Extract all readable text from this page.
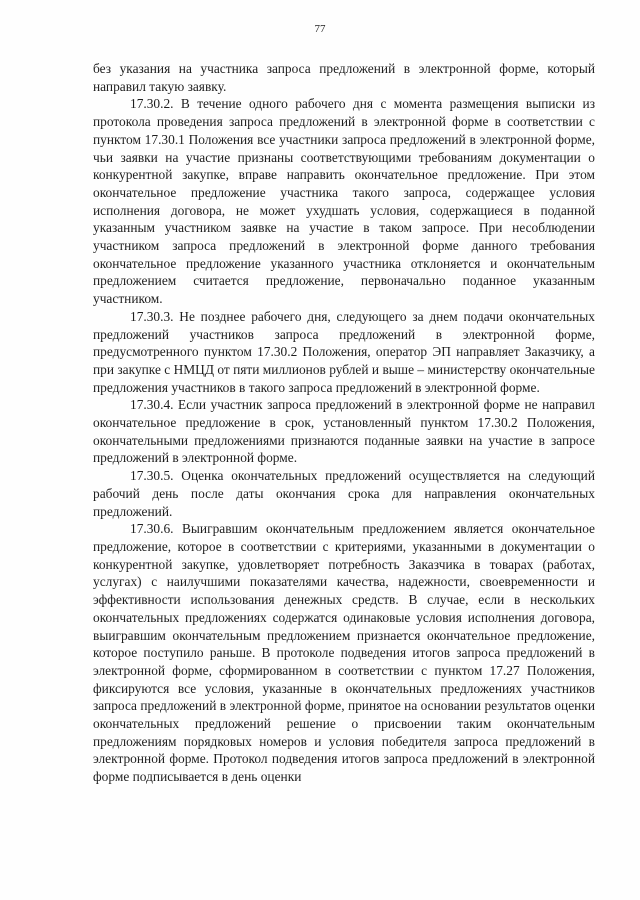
77

без указания на участника запроса предложений в электронной форме, который направил такую заявку.

17.30.2. В течение одного рабочего дня с момента размещения выписки из протокола проведения запроса предложений в электронной форме в соответствии с пунктом 17.30.1 Положения все участники запроса предложений в электронной форме, чьи заявки на участие признаны соответствующими требованиям документации о конкурентной закупке, вправе направить окончательное предложение. При этом окончательное предложение участника такого запроса, содержащее условия исполнения договора, не может ухудшать условия, содержащиеся в поданной указанным участником заявке на участие в таком запросе. При несоблюдении участником запроса предложений в электронной форме данного требования окончательное предложение указанного участника отклоняется и окончательным предложением считается предложение, первоначально поданное указанным участником.

17.30.3. Не позднее рабочего дня, следующего за днем подачи окончательных предложений участников запроса предложений в электронной форме, предусмотренного пунктом 17.30.2 Положения, оператор ЭП направляет Заказчику, а при закупке с НМЦД от пяти миллионов рублей и выше – министерству окончательные предложения участников в такого запроса предложений в электронной форме.

17.30.4. Если участник запроса предложений в электронной форме не направил окончательное предложение в срок, установленный пунктом 17.30.2 Положения, окончательными предложениями признаются поданные заявки на участие в запросе предложений в электронной форме.

17.30.5. Оценка окончательных предложений осуществляется на следующий рабочий день после даты окончания срока для направления окончательных предложений.

17.30.6. Выигравшим окончательным предложением является окончательное предложение, которое в соответствии с критериями, указанными в документации о конкурентной закупке, удовлетворяет потребность Заказчика в товарах (работах, услугах) с наилучшими показателями качества, надежности, своевременности и эффективности использования денежных средств. В случае, если в нескольких окончательных предложениях содержатся одинаковые условия исполнения договора, выигравшим окончательным предложением признается окончательное предложение, которое поступило раньше. В протоколе подведения итогов запроса предложений в электронной форме, сформированном в соответствии с пунктом 17.27 Положения, фиксируются все условия, указанные в окончательных предложениях участников запроса предложений в электронной форме, принятое на основании результатов оценки окончательных предложений решение о присвоении таким окончательным предложениям порядковых номеров и условия победителя запроса предложений в электронной форме. Протокол подведения итогов запроса предложений в электронной форме подписывается в день оценки
